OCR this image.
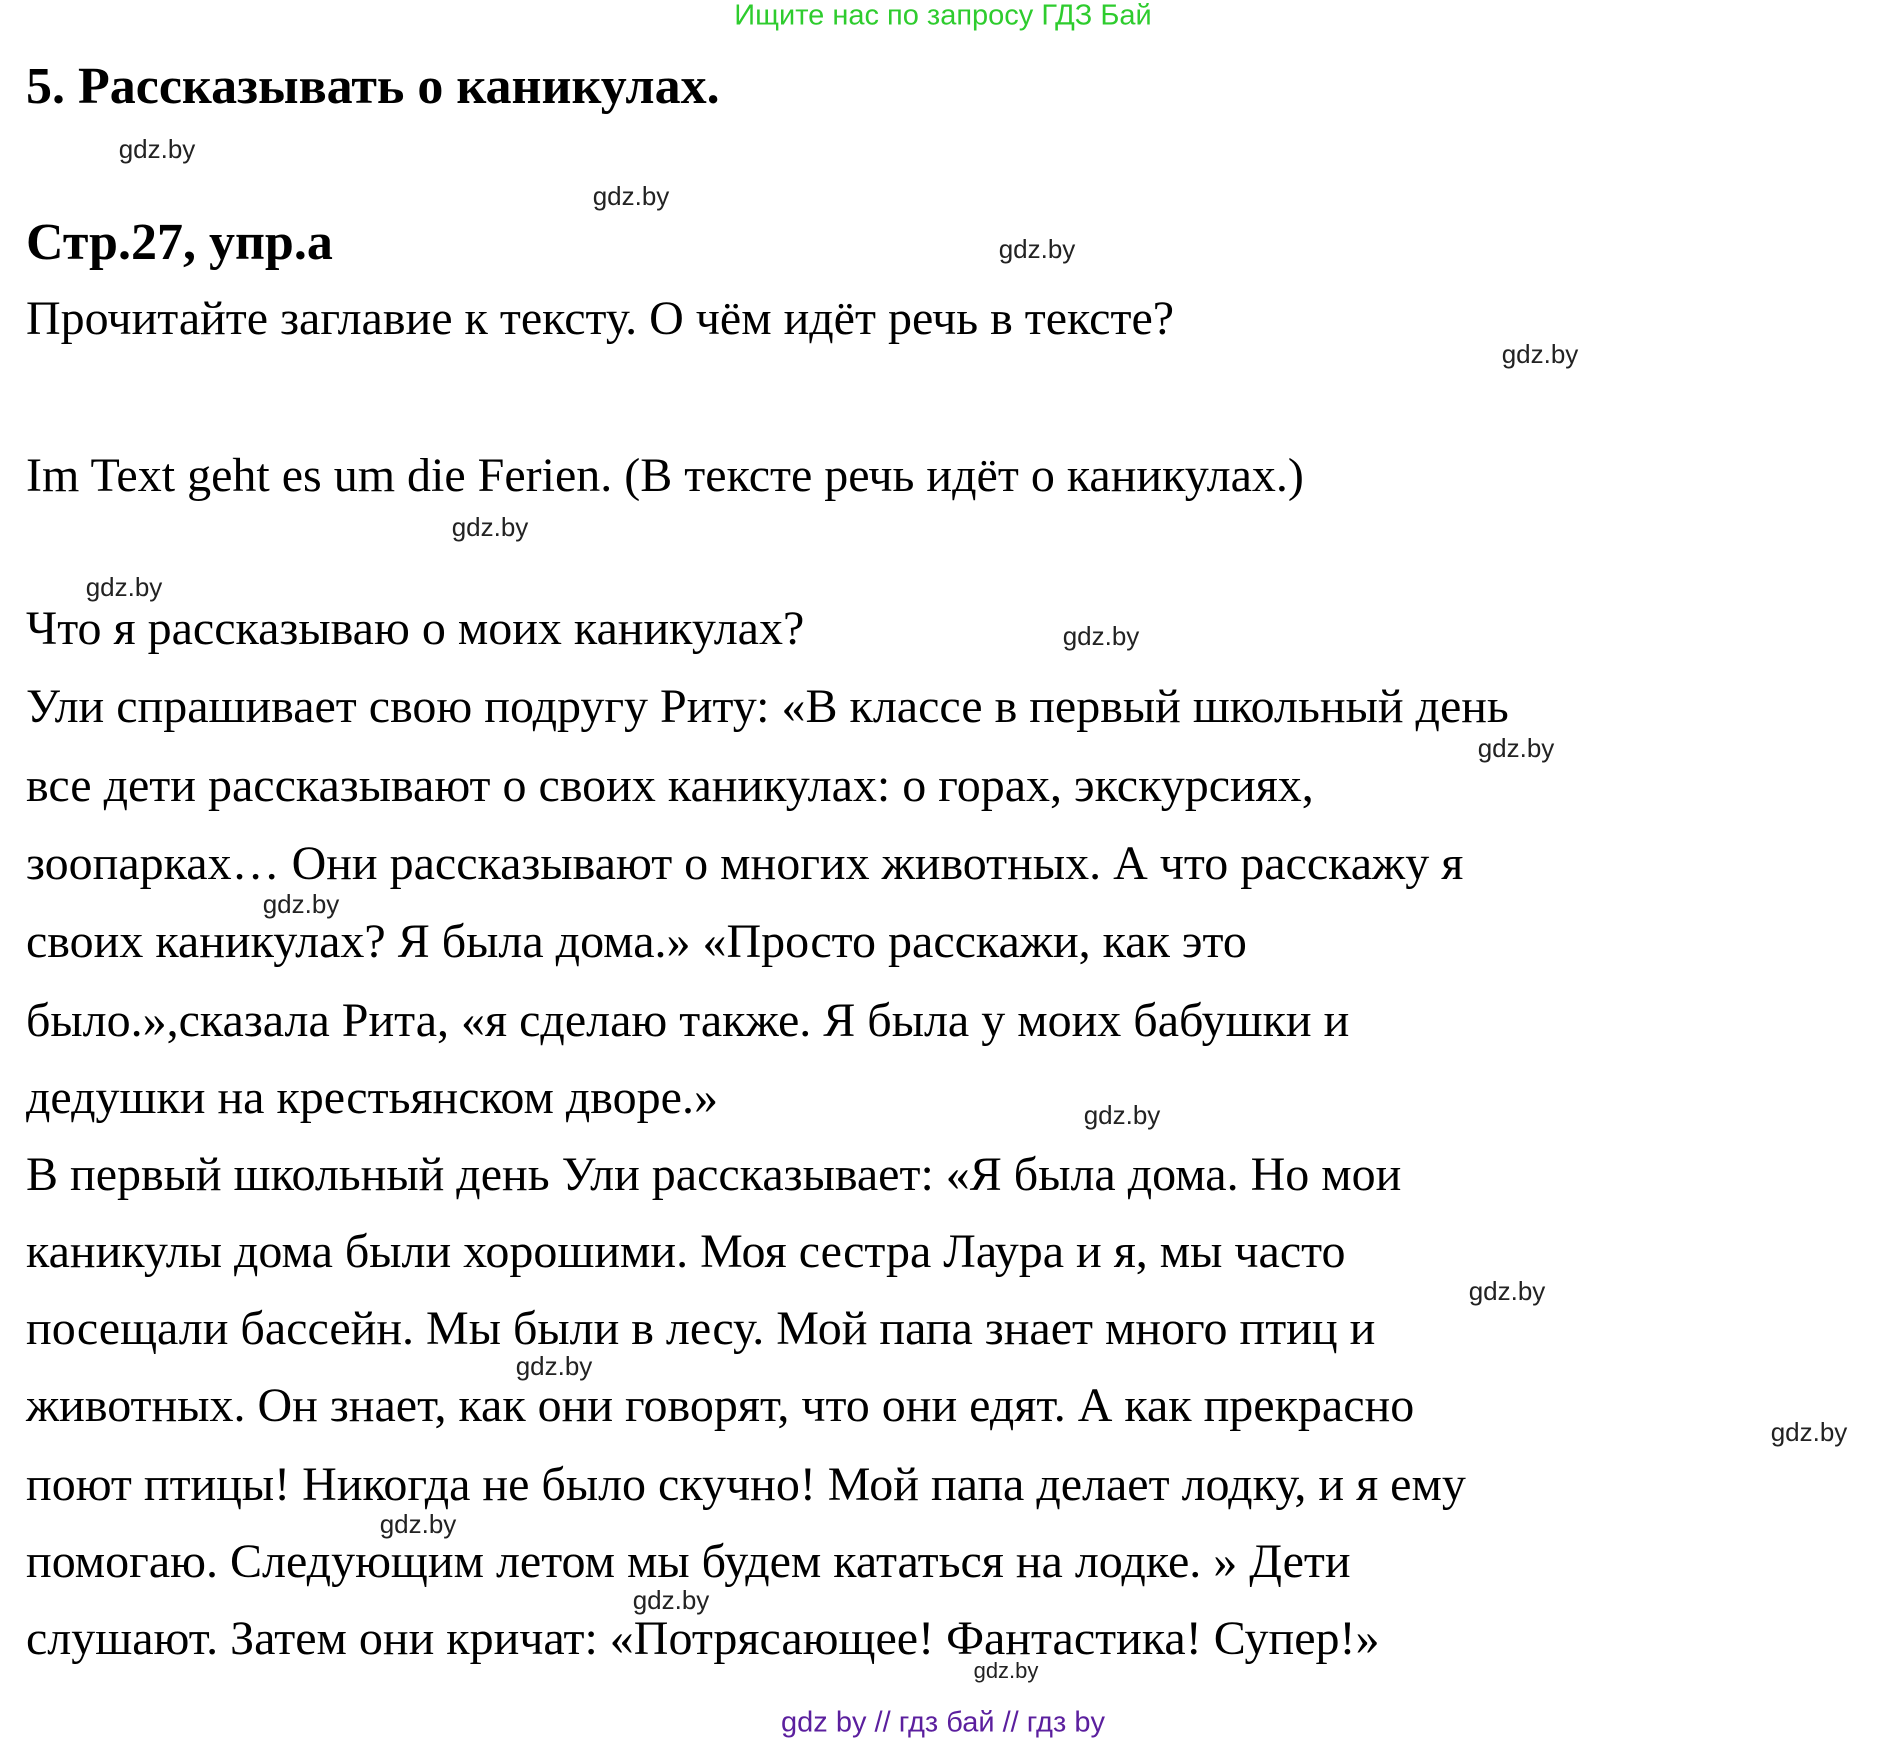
Ищите нас по запросу ГДЗ Бай
5. Рассказывать о каникулах.
Стр.27, упр.а
Прочитайте заглавие к тексту. О чём идёт речь в тексте?
Im Text geht es um die Ferien. (В тексте речь идёт о каникулах.)
Что я рассказываю о моих каникулах?
Ули спрашивает свою подругу Риту: «В классе в первый школьный день
все дети рассказывают о своих каникулах: о горах, экскурсиях,
зоопарках… Они рассказывают о многих животных. А что расскажу я
своих каникулах? Я была дома.» «Просто расскажи, как это
было.»,сказала Рита, «я сделаю также. Я была у моих бабушки и
дедушки на крестьянском дворе.»
В первый школьный день Ули рассказывает: «Я была дома. Но мои
каникулы дома были хорошими. Моя сестра Лаура и я, мы часто
посещали бассейн. Мы были в лесу. Мой папа знает много птиц и
животных. Он знает, как они говорят, что они едят. А как прекрасно
поют птицы! Никогда не было скучно! Мой папа делает лодку, и я ему
помогаю. Следующим летом мы будем кататься на лодке. » Дети
слушают. Затем они кричат: «Потрясающее! Фантастика! Супер!»
gdz.by
gdz.by
gdz.by
gdz.by
gdz.by
gdz.by
gdz.by
gdz.by
gdz.by
gdz.by
gdz.by
gdz.by
gdz.by
gdz.by
gdz.by
gdz.by
gdz by // гдз бай // гдз by
